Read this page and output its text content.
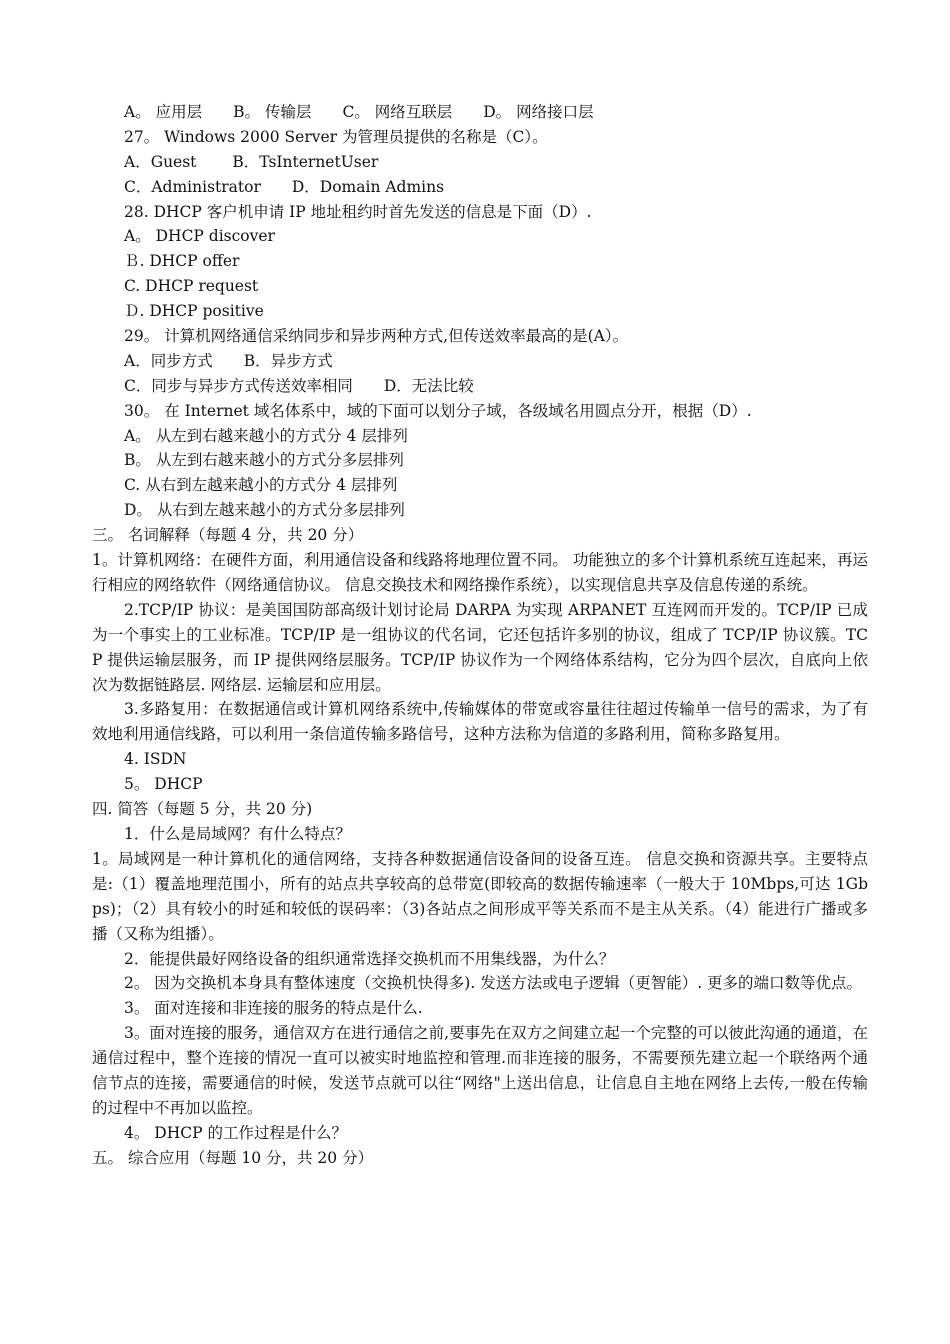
A。 应用层　　B。 传输层　　C。 网络互联层　　D。 网络接口层
27。 Windows 2000 Server 为管理员提供的名称是（C）。
A．Guest　　 B．TsInternetUser
C．Administrator　　D．Domain Admins
28. DHCP 客户机申请 IP 地址租约时首先发送的信息是下面（D）.
A。 DHCP discover
Ｂ. DHCP offer
C. DHCP request
Ｄ. DHCP positive
29。 计算机网络通信采纳同步和异步两种方式,但传送效率最高的是(A）。
A．同步方式　　B．异步方式
C．同步与异步方式传送效率相同　　D．无法比较
30。 在 Internet 域名体系中，域的下面可以划分子域，各级域名用圆点分开，根据（D）.
A。 从左到右越来越小的方式分 4 层排列
B。 从左到右越来越小的方式分多层排列
C. 从右到左越来越小的方式分 4 层排列
D。 从右到左越来越小的方式分多层排列
三。 名词解释（每题 4 分，共 20 分）
1。计算机网络：在硬件方面，利用通信设备和线路将地理位置不同。 功能独立的多个计算机系统互连起来，再运行相应的网络软件（网络通信协议。 信息交换技术和网络操作系统），以实现信息共享及信息传递的系统。
2.TCP/IP 协议：是美国国防部高级计划讨论局 DARPA 为实现 ARPANET 互连网而开发的。TCP/IP 已成为一个事实上的工业标准。TCP/IP 是一组协议的代名词，它还包括许多别的协议，组成了 TCP/IP 协议簇。TCP 提供运输层服务，而 IP 提供网络层服务。TCP/IP 协议作为一个网络体系结构，它分为四个层次，自底向上依次为数据链路层. 网络层. 运输层和应用层。
3.多路复用：在数据通信或计算机网络系统中,传输媒体的带宽或容量往往超过传输单一信号的需求，为了有效地利用通信线路，可以利用一条信道传输多路信号，这种方法称为信道的多路利用，简称多路复用。
4. ISDN
5。 DHCP
四. 简答（每题 5 分，共 20 分)
1．什么是局域网？有什么特点？
1。局域网是一种计算机化的通信网络，支持各种数据通信设备间的设备互连。 信息交换和资源共享。主要特点是:（1）覆盖地理范围小，所有的站点共享较高的总带宽(即较高的数据传输速率（一般大于 10Mbps,可达 1Gbps)；（2）具有较小的时延和较低的误码率：（3)各站点之间形成平等关系而不是主从关系。（4）能进行广播或多播（又称为组播）。
2．能提供最好网络设备的组织通常选择交换机而不用集线器，为什么？
2。 因为交换机本身具有整体速度（交换机快得多). 发送方法或电子逻辑（更智能）. 更多的端口数等优点。
3。 面对连接和非连接的服务的特点是什么.
3。面对连接的服务，通信双方在进行通信之前,要事先在双方之间建立起一个完整的可以彼此沟通的通道，在通信过程中，整个连接的情况一直可以被实时地监控和管理.而非连接的服务，不需要预先建立起一个联络两个通信节点的连接，需要通信的时候，发送节点就可以往“网络"上送出信息，让信息自主地在网络上去传,一般在传输的过程中不再加以监控。
4。 DHCP 的工作过程是什么？
五。 综合应用（每题 10 分，共 20 分）
